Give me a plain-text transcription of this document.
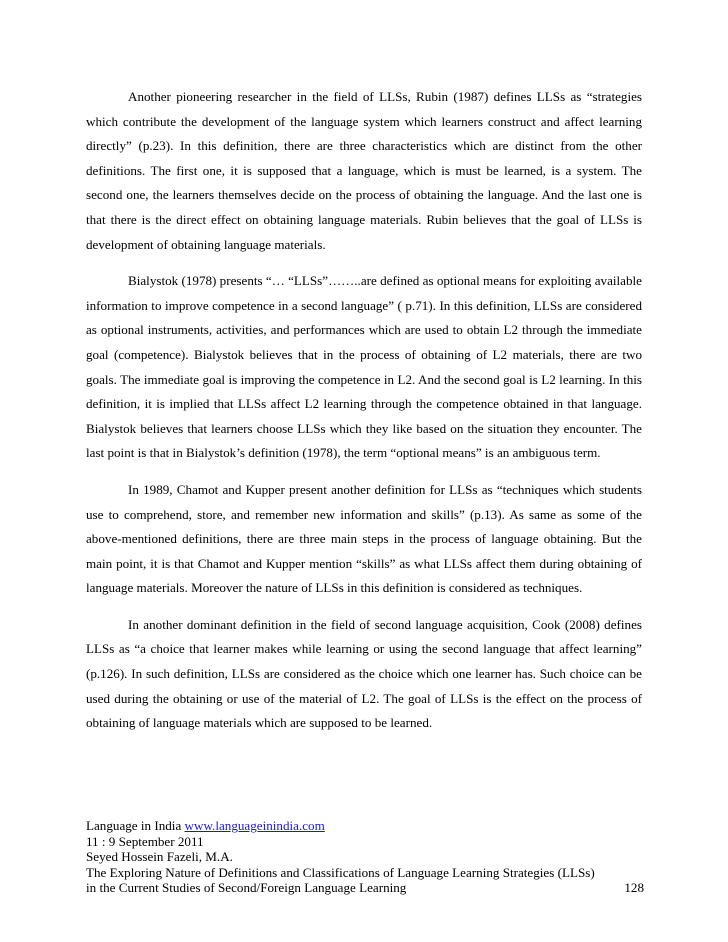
Another pioneering researcher in the field of LLSs, Rubin (1987) defines LLSs as “strategies which contribute the development of the language system which learners construct and affect learning directly” (p.23). In this definition, there are three characteristics which are distinct from the other definitions. The first one, it is supposed that a language, which is must be learned, is a system. The second one, the learners themselves decide on the process of obtaining the language. And the last one is that there is the direct effect on obtaining language materials. Rubin believes that the goal of LLSs is development of obtaining language materials.

Bialystok (1978) presents “… “LLSs”……..are defined as optional means for exploiting available information to improve competence in a second language” ( p.71). In this definition, LLSs are considered as optional instruments, activities, and performances which are used to obtain L2 through the immediate goal (competence). Bialystok believes that in the process of obtaining of L2 materials, there are two goals. The immediate goal is improving the competence in L2. And the second goal is L2 learning. In this definition, it is implied that LLSs affect L2 learning through the competence obtained in that language. Bialystok believes that learners choose LLSs which they like based on the situation they encounter. The last point is that in Bialystok’s definition (1978), the term “optional means” is an ambiguous term.

In 1989, Chamot and Kupper present another definition for LLSs as “techniques which students use to comprehend, store, and remember new information and skills” (p.13). As same as some of the above-mentioned definitions, there are three main steps in the process of language obtaining. But the main point, it is that Chamot and Kupper mention “skills” as what LLSs affect them during obtaining of language materials. Moreover the nature of LLSs in this definition is considered as techniques.

In another dominant definition in the field of second language acquisition, Cook (2008) defines LLSs as “a choice that learner makes while learning or using the second language that affect learning” (p.126). In such definition, LLSs are considered as the choice which one learner has. Such choice can be used during the obtaining or use of the material of L2. The goal of LLSs is the effect on the process of obtaining of language materials which are supposed to be learned.

Language in India www.languageinindia.com
11 : 9 September 2011
Seyed Hossein Fazeli, M.A.
The Exploring Nature of Definitions and Classifications of Language Learning Strategies (LLSs)
in the Current Studies of Second/Foreign Language Learning	128
